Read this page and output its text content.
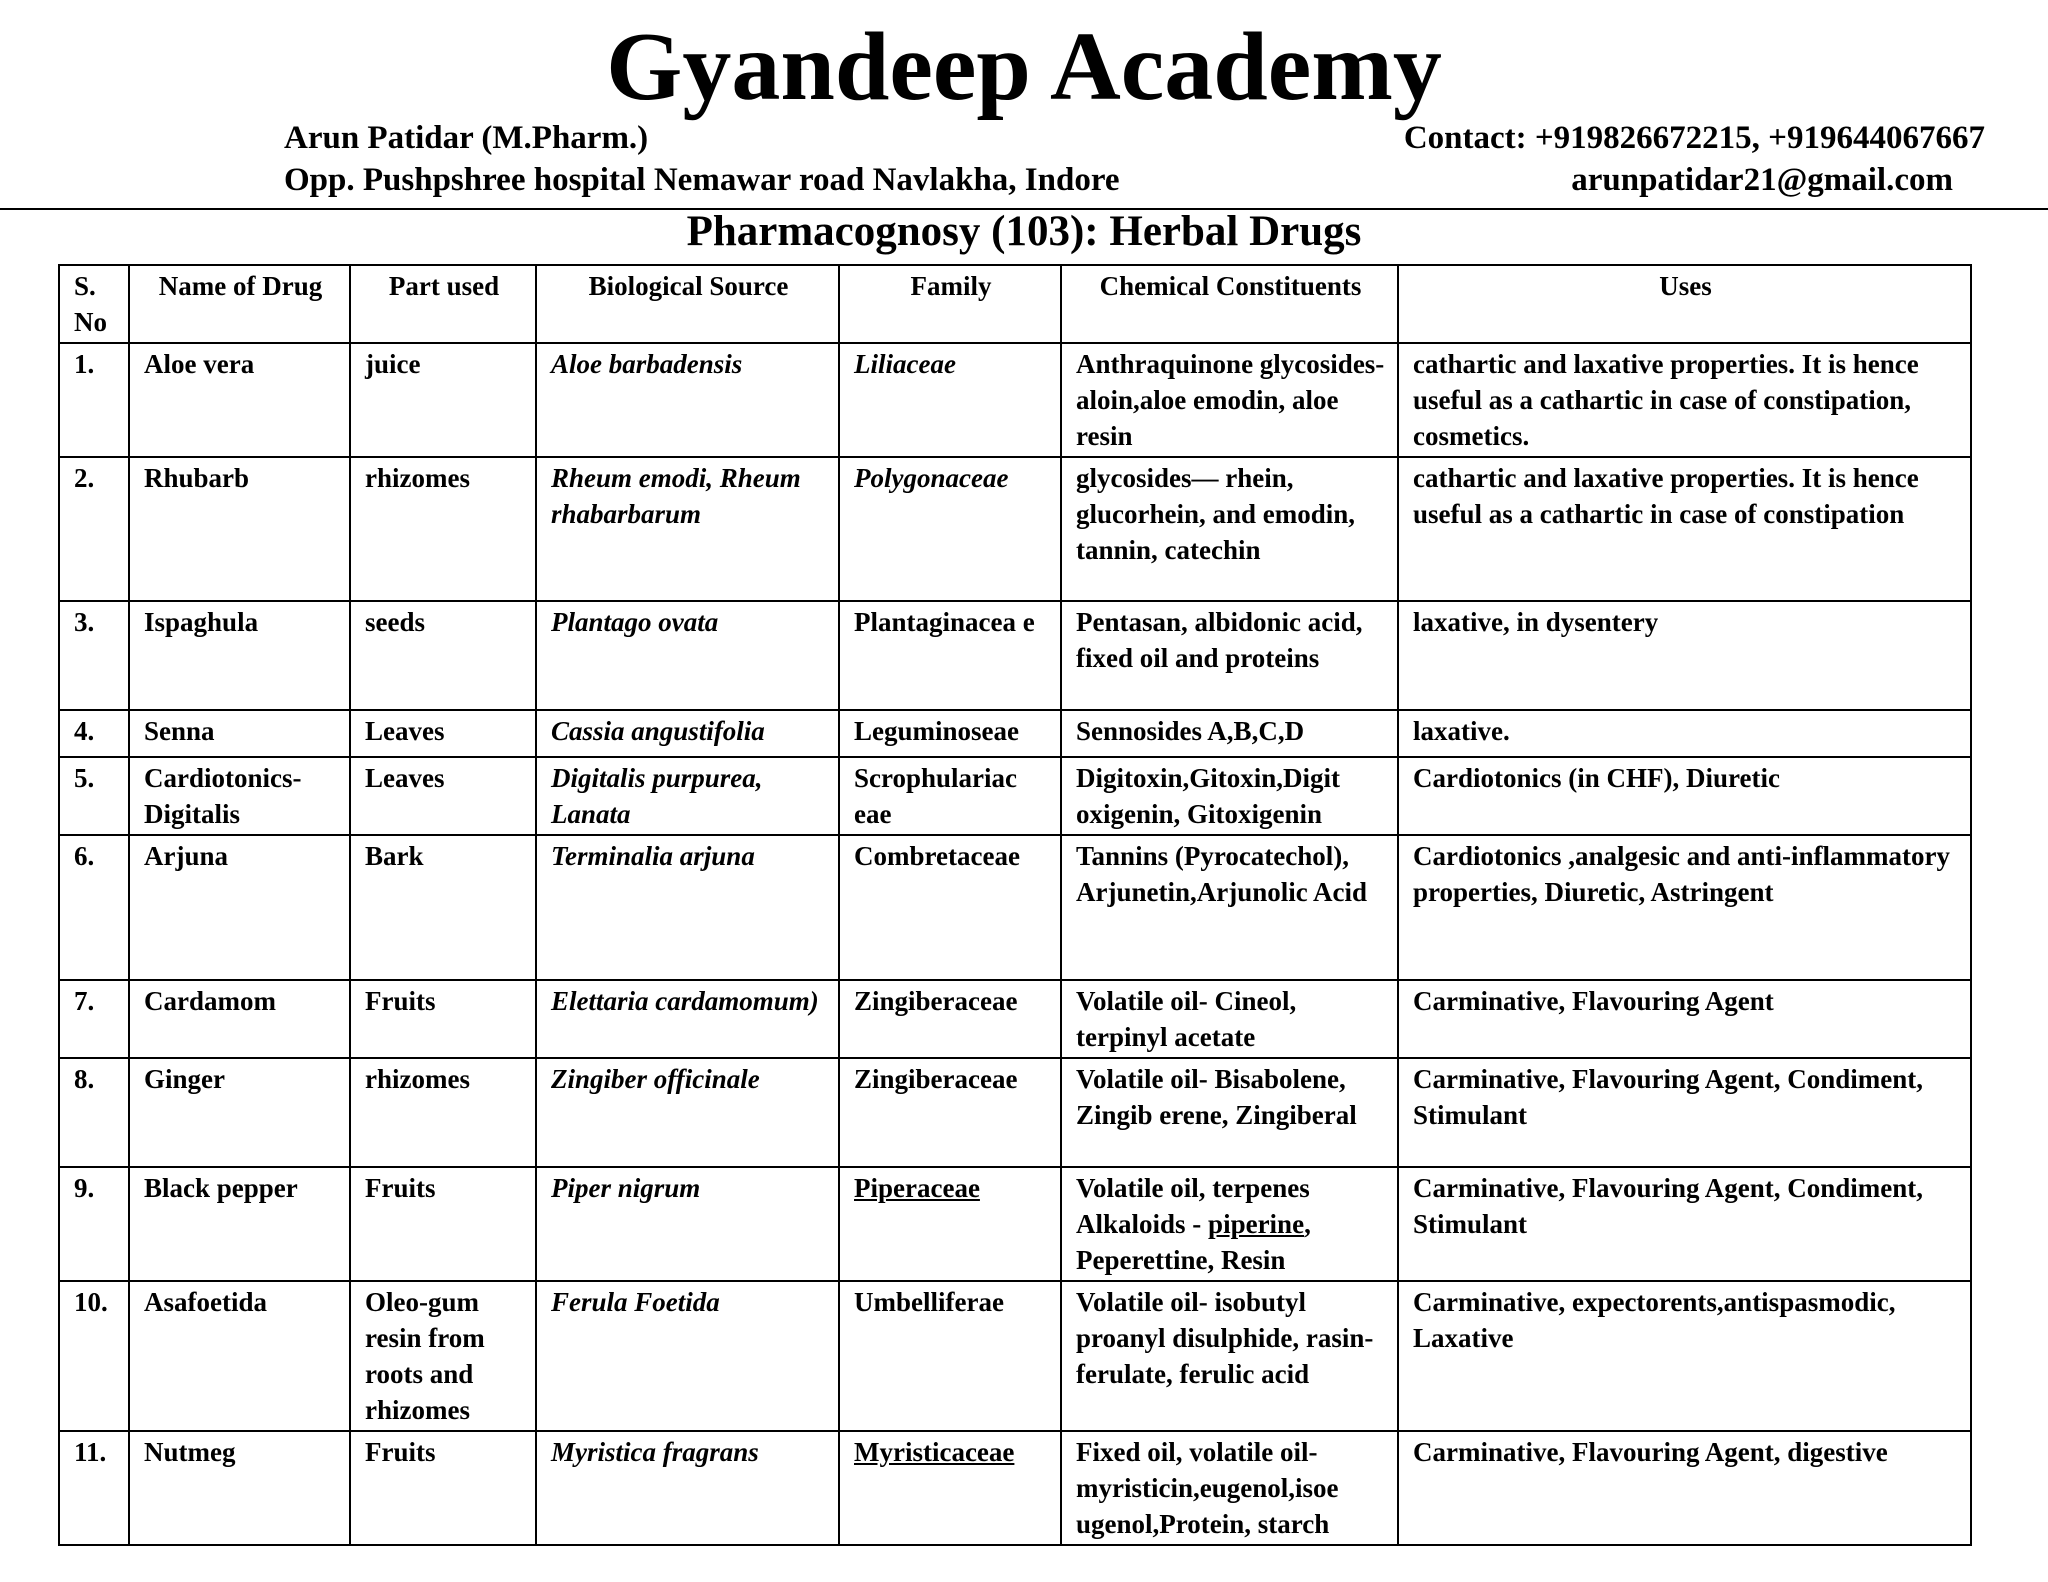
Gyandeep Academy
Arun Patidar (M.Pharm.)	Contact: +919826672215, +919644067667
Opp. Pushpshree hospital Nemawar road Navlakha, Indore	arunpatidar21@gmail.com
Pharmacognosy (103): Herbal Drugs
S. No	Name of Drug	Part used	Biological Source	Family	Chemical Constituents	Uses
1.	Aloe vera	juice	Aloe barbadensis	Liliaceae	Anthraquinone glycosides-aloin,aloe emodin, aloe resin	cathartic and laxative properties. It is hence useful as a cathartic in case of constipation, cosmetics.
2.	Rhubarb	rhizomes	Rheum emodi, Rheum rhabarbarum	Polygonaceae	glycosides— rhein, glucorhein, and emodin, tannin, catechin	cathartic and laxative properties. It is hence useful as a cathartic in case of constipation
3.	Ispaghula	seeds	Plantago ovata	Plantaginacea e	Pentasan, albidonic acid, fixed oil and proteins	laxative, in dysentery
4.	Senna	Leaves	Cassia angustifolia	Leguminoseae	Sennosides A,B,C,D	laxative.
5.	Cardiotonics-Digitalis	Leaves	Digitalis purpurea, Lanata	Scrophulariac eae	Digitoxin,Gitoxin,Digit oxigenin, Gitoxigenin	Cardiotonics (in CHF), Diuretic
6.	Arjuna	Bark	Terminalia arjuna	Combretaceae	Tannins (Pyrocatechol), Arjunetin,Arjunolic Acid	Cardiotonics ,analgesic and anti-inflammatory properties, Diuretic, Astringent
7.	Cardamom	Fruits	Elettaria cardamomum)	Zingiberaceae	Volatile oil- Cineol, terpinyl acetate	Carminative, Flavouring Agent
8.	Ginger	rhizomes	Zingiber officinale	Zingiberaceae	Volatile oil- Bisabolene, Zingib erene, Zingiberal	Carminative, Flavouring Agent, Condiment, Stimulant
9.	Black pepper	Fruits	Piper nigrum	Piperaceae	Volatile oil, terpenes Alkaloids - piperine, Peperettine, Resin	Carminative, Flavouring Agent, Condiment, Stimulant
10.	Asafoetida	Oleo-gum resin from roots and rhizomes	Ferula Foetida	Umbelliferae	Volatile oil- isobutyl proanyl disulphide, rasin- ferulate, ferulic acid	Carminative, expectorents,antispasmodic, Laxative
11.	Nutmeg	Fruits	Myristica fragrans	Myristicaceae	Fixed oil, volatile oil- myristicin,eugenol,isoe ugenol,Protein, starch	Carminative, Flavouring Agent, digestive
